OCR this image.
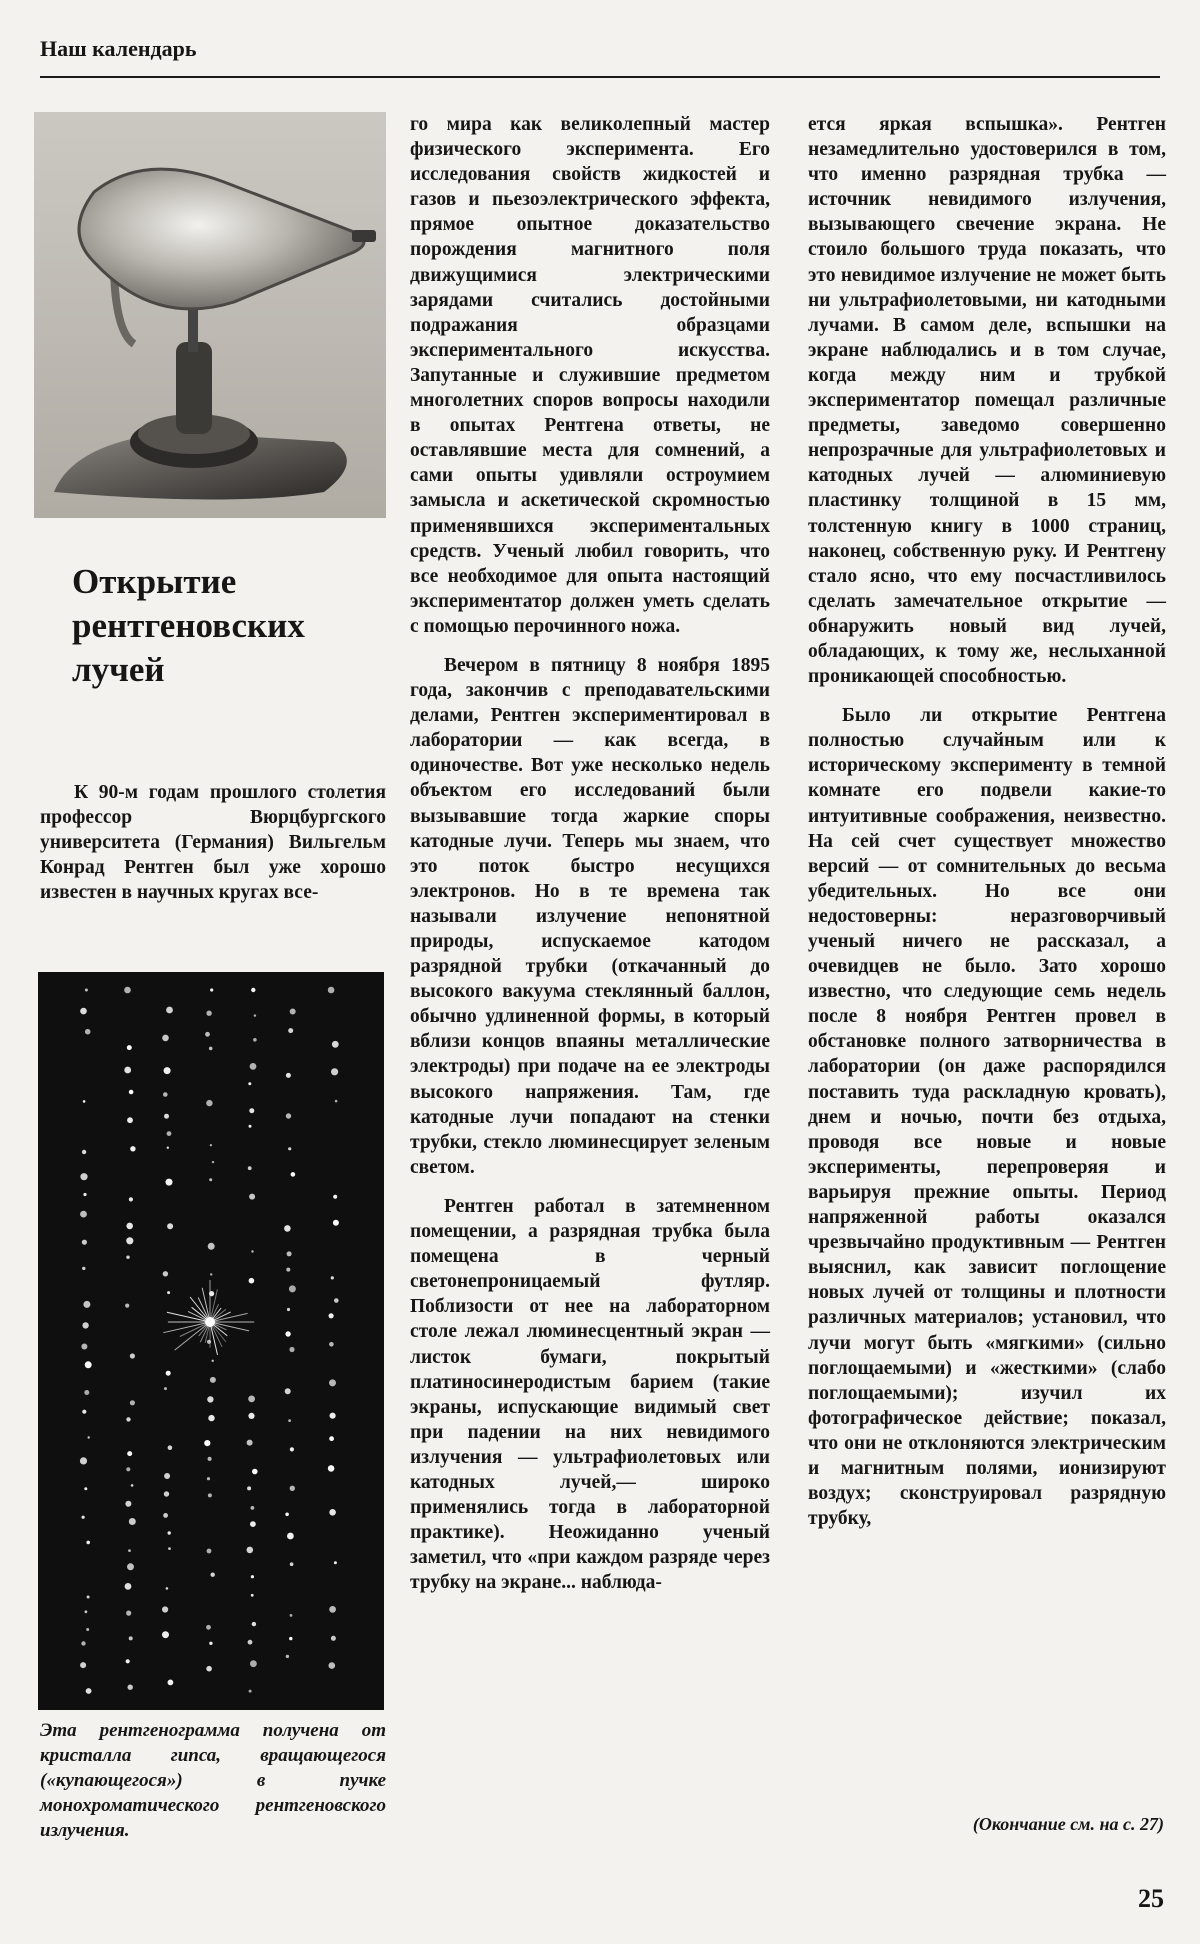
Наш календарь
Открытие рентгеновских лучей

К 90-м годам прошлого столетия профессор Вюрцбургского университета (Германия) Вильгельм Конрад Рентген был уже хорошо известен в научных кругах все-

Эта рентгенограмма получена от кристалла гипса, вращающегося («купающегося») в пучке монохроматического рентгеновского излучения.

го мира как великолепный мастер физического эксперимента. Его исследования свойств жидкостей и газов и пьезоэлектрического эффекта, прямое опытное доказательство порождения магнитного поля движущимися электрическими зарядами считались достойными подражания образцами экспериментального искусства. Запутанные и служившие предметом многолетних споров вопросы находили в опытах Рентгена ответы, не оставлявшие места для сомнений, а сами опыты удивляли остроумием замысла и аскетической скромностью применявшихся экспериментальных средств. Ученый любил говорить, что все необходимое для опыта настоящий экспериментатор должен уметь сделать с помощью перочинного ножа.

Вечером в пятницу 8 ноября 1895 года, закончив с преподавательскими делами, Рентген экспериментировал в лаборатории — как всегда, в одиночестве. Вот уже несколько недель объектом его исследований были вызывавшие тогда жаркие споры катодные лучи. Теперь мы знаем, что это поток быстро несущихся электронов. Но в те времена так называли излучение непонятной природы, испускаемое катодом разрядной трубки (откачанный до высокого вакуума стеклянный баллон, обычно удлиненной формы, в который вблизи концов впаяны металлические электроды) при подаче на ее электроды высокого напряжения. Там, где катодные лучи попадают на стенки трубки, стекло люминесцирует зеленым светом.

Рентген работал в затемненном помещении, а разрядная трубка была помещена в черный светонепроницаемый футляр. Поблизости от нее на лабораторном столе лежал люминесцентный экран — листок бумаги, покрытый платиносинеродистым барием (такие экраны, испускающие видимый свет при падении на них невидимого излучения — ультрафиолетовых или катодных лучей,— широко применялись тогда в лабораторной практике). Неожиданно ученый заметил, что «при каждом разряде через трубку на экране... наблюда-

ется яркая вспышка». Рентген незамедлительно удостоверился в том, что именно разрядная трубка — источник невидимого излучения, вызывающего свечение экрана. Не стоило большого труда показать, что это невидимое излучение не может быть ни ультрафиолетовыми, ни катодными лучами. В самом деле, вспышки на экране наблюдались и в том случае, когда между ним и трубкой экспериментатор помещал различные предметы, заведомо совершенно непрозрачные для ультрафиолетовых и катодных лучей — алюминиевую пластинку толщиной в 15 мм, толстенную книгу в 1000 страниц, наконец, собственную руку. И Рентгену стало ясно, что ему посчастливилось сделать замечательное открытие — обнаружить новый вид лучей, обладающих, к тому же, неслыханной проникающей способностью.

Было ли открытие Рентгена полностью случайным или к историческому эксперименту в темной комнате его подвели какие-то интуитивные соображения, неизвестно. На сей счет существует множество версий — от сомнительных до весьма убедительных. Но все они недостоверны: неразговорчивый ученый ничего не рассказал, а очевидцев не было. Зато хорошо известно, что следующие семь недель после 8 ноября Рентген провел в обстановке полного затворничества в лаборатории (он даже распорядился поставить туда раскладную кровать), днем и ночью, почти без отдыха, проводя все новые и новые эксперименты, перепроверяя и варьируя прежние опыты. Период напряженной работы оказался чрезвычайно продуктивным — Рентген выяснил, как зависит поглощение новых лучей от толщины и плотности различных материалов; установил, что лучи могут быть «мягкими» (сильно поглощаемыми) и «жесткими» (слабо поглощаемыми); изучил их фотографическое действие; показал, что они не отклоняются электрическим и магнитным полями, ионизируют воздух; сконструировал разрядную трубку,

(Окончание см. на с. 27)
25
